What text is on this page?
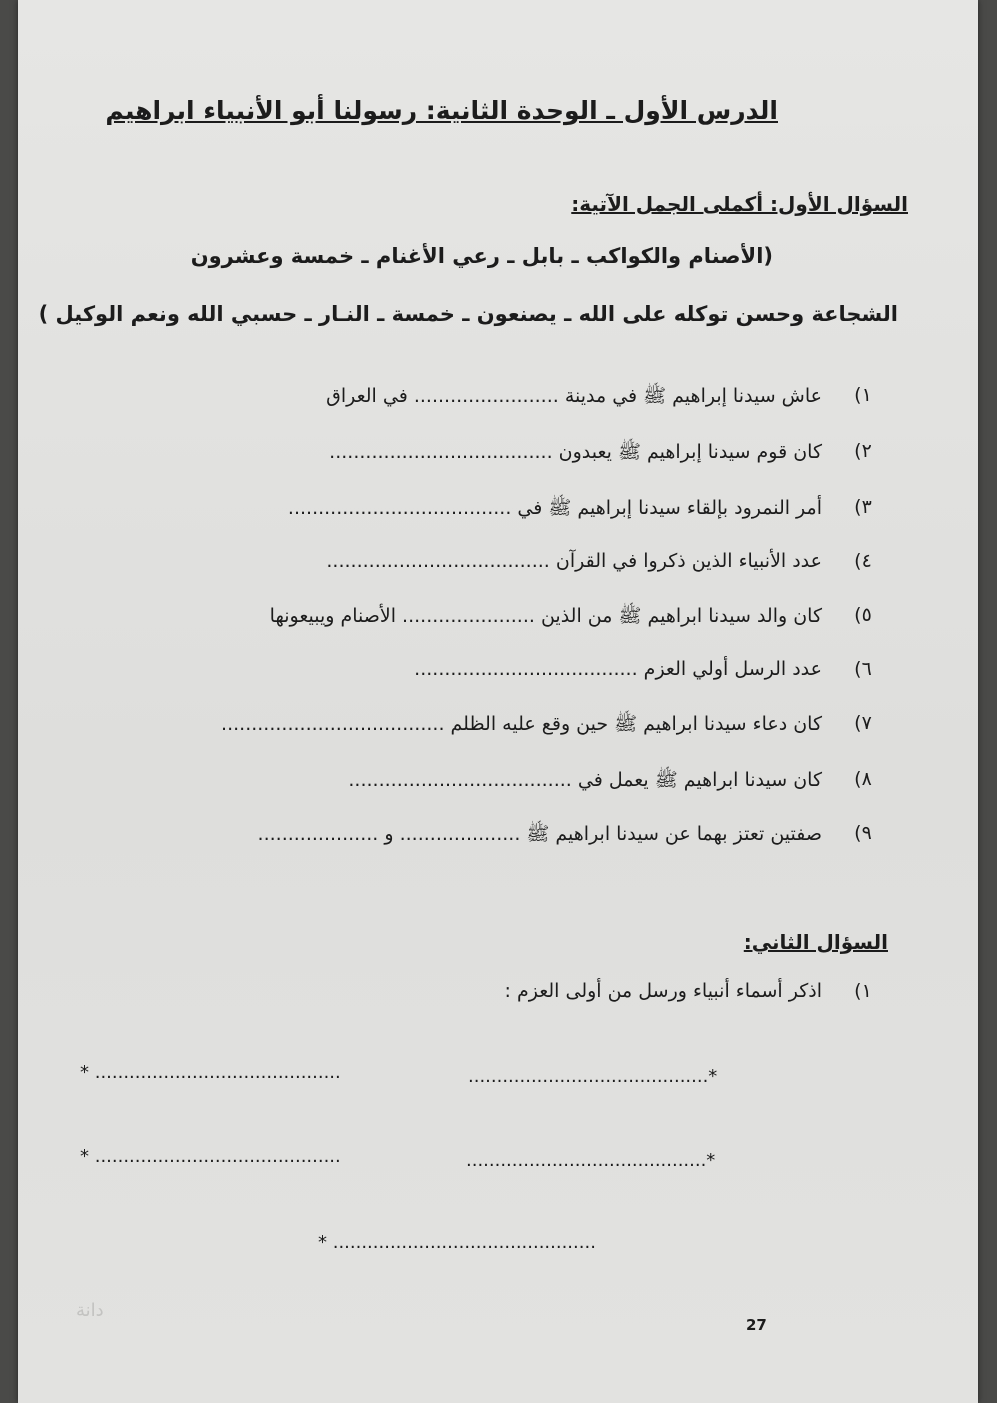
الدرس الأول ـ الوحدة الثانية: رسولنا أبو الأنبياء ابراهيم
السؤال الأول: أكملى الجمل الآتية:
(الأصنام والكواكب ـ بابل ـ رعي الأغنام ـ خمسة وعشرون
الشجاعة وحسن توكله على الله ـ يصنعون ـ خمسة ـ النـار ـ حسبي الله ونعم الوكيل )
١)
عاش سيدنا إبراهيم ﷺ في مدينة ........................ في العراق
٢)
كان قوم سيدنا إبراهيم ﷺ يعبدون .....................................
٣)
أمر النمرود بإلقاء سيدنا إبراهيم ﷺ في .....................................
٤)
عدد الأنبياء الذين ذكروا في القرآن .....................................
٥)
كان والد سيدنا ابراهيم ﷺ من الذين ...................... الأصنام ويبيعونها
٦)
عدد الرسل أولي العزم .....................................
٧)
كان دعاء سيدنا ابراهيم ﷺ حين وقع عليه الظلم .....................................
٨)
كان سيدنا ابراهيم ﷺ يعمل في .....................................
٩)
صفتين تعتز بهما عن سيدنا ابراهيم ﷺ .................... و ....................
السؤال الثاني:
١)
اذكر أسماء أنبياء ورسل من أولى العزم :
..........................................*
* ...........................................
..........................................*
* ...........................................
* ..............................................
دانة
27
